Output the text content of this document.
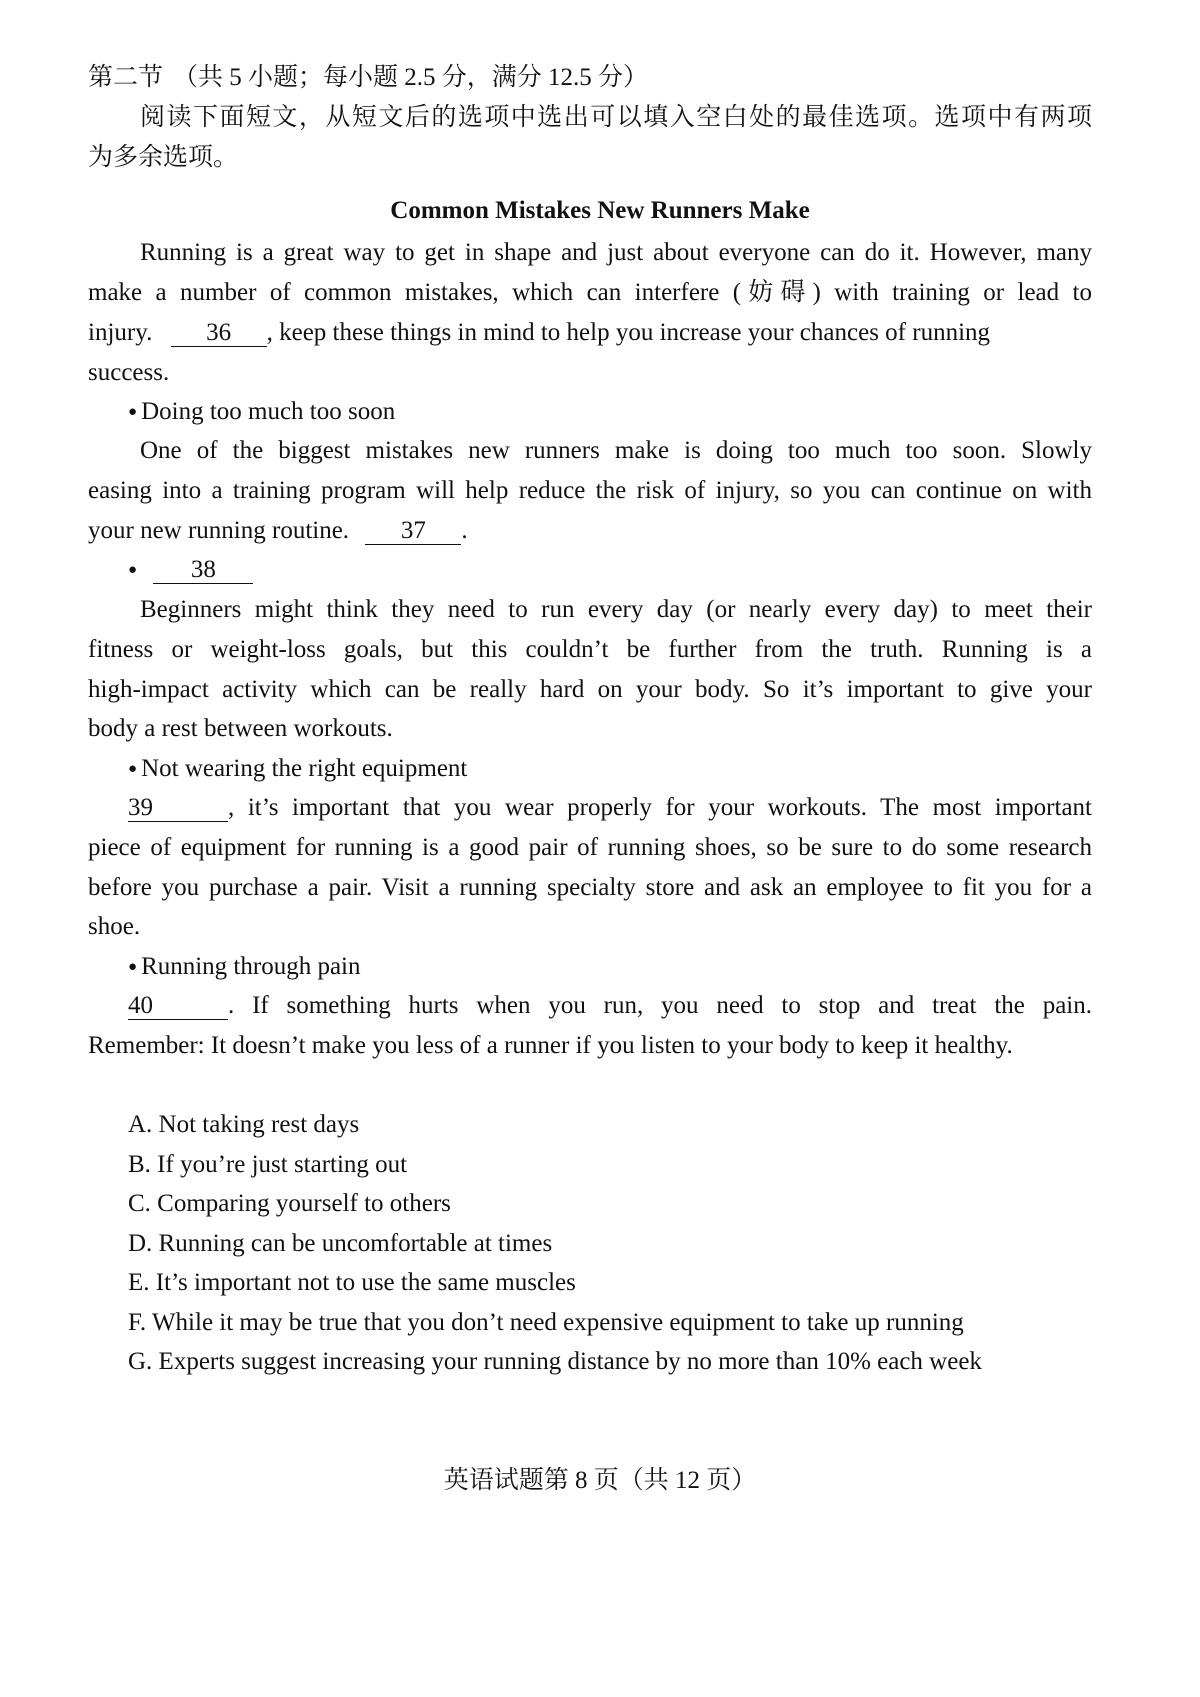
第二节 （共 5 小题；每小题 2.5 分，满分 12.5 分）
阅读下面短文，从短文后的选项中选出可以填入空白处的最佳选项。选项中有两项
为多余选项。
Common Mistakes New Runners Make
Running is a great way to get in shape and just about everyone can do it. However, many
make a number of common mistakes, which can interfere (妨碍) with training or lead to
injury. 36 , keep these things in mind to help you increase your chances of running
success.
● Doing too much too soon
One of the biggest mistakes new runners make is doing too much too soon. Slowly
easing into a training program will help reduce the risk of injury, so you can continue on with
your new running routine. 37 .
● 38
Beginners might think they need to run every day (or nearly every day) to meet their
fitness or weight-loss goals, but this couldn’t be further from the truth. Running is a
high-impact activity which can be really hard on your body. So it’s important to give your
body a rest between workouts.
● Not wearing the right equipment
39	, it’s important that you wear properly for your workouts. The most important
piece of equipment for running is a good pair of running shoes, so be sure to do some research
before you purchase a pair. Visit a running specialty store and ask an employee to fit you for a
shoe.
● Running through pain
40	. If something hurts when you run, you need to stop and treat the pain.
Remember: It doesn’t make you less of a runner if you listen to your body to keep it healthy.
A. Not taking rest days
B. If you’re just starting out
C. Comparing yourself to others
D. Running can be uncomfortable at times
E. It’s important not to use the same muscles
F. While it may be true that you don’t need expensive equipment to take up running
G. Experts suggest increasing your running distance by no more than 10% each week
英语试题第 8 页（共 12 页）
